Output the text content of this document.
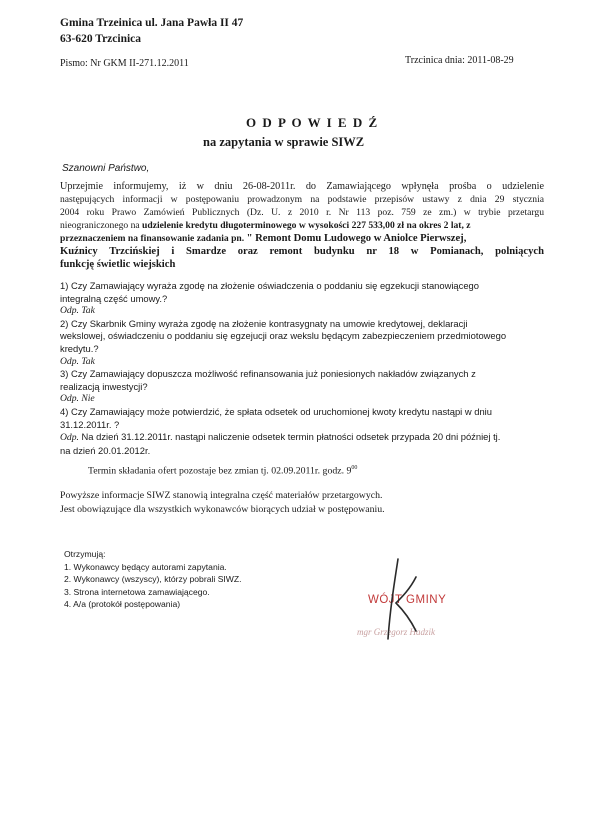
Gmina Trzeinica ul. Jana Pawła II 47
63-620 Trzcinica
Pismo: Nr GKM II-271.12.2011	Trzcinica dnia: 2011-08-29
O D P O W I E D Ź
na zapytania w sprawie SIWZ
Szanowni Państwo,
Uprzejmie informujemy, iż w dniu 26-08-2011r. do Zamawiającego wpłynęła prośba o udzielenie
następujących informacji w postępowaniu prowadzonym na podstawie przepisów ustawy z dnia 29 stycznia
2004 roku Prawo Zamówień Publicznych (Dz. U. z 2010 r. Nr 113 poz. 759 ze zm.) w trybie przetargu
nieograniczonego na udzielenie kredytu długoterminowego w wysokości 227 533,00 zł na okres 2 lat, z
przeznaczeniem na finansowanie zadania pn. " Remont Domu Ludowego w Aniolce Pierwszej,
Kuźnicy Trzcińskiej i Smardze oraz remont budynku nr 18 w Pomianach, polniących
funkcję świetlic wiejskich
1) Czy Zamawiający wyraża zgodę na złożenie oświadczenia o poddaniu się egzekucji stanowiącego
integralną część umowy.?
Odp. Tak
2) Czy Skarbnik Gminy wyraża zgodę na złożenie kontrasygnaty na umowie kredytowej, deklaracji
wekslowej, oświadczeniu o poddaniu się egzejucji oraz wekslu będącym zabezpieczeniem przedmiotowego
kredytu.?
Odp. Tak
3) Czy Zamawiający dopuszcza możliwość refinansowania już poniesionych nakładów związanych z
realizacją inwestycji?
Odp. Nie
4) Czy Zamawiający może potwierdzić, że spłata odsetek od uruchomionej kwoty kredytu nastąpi w dniu
31.12.2011r. ?
Odp. Na dzień 31.12.2011r. nastąpi naliczenie odsetek termin płatności odsetek przypada 20 dni później tj.
na dzień 20.01.2012r.
Termin składania ofert pozostaje bez zmian tj. 02.09.2011r. godz. $9^{00}$
Powyższe informacje SIWZ stanowią integralna część materiałów przetargowych.
Jest obowiązujące dla wszystkich wykonawców biorących udział w postępowaniu.
Otrzymują:
1. Wykonawcy będący autorami zapytania.
2. Wykonawcy (wszyscy), którzy pobrali SIWZ.
3. Strona internetowa zamawiającego.
4. A/a (protokół postępowania)	WÓJT GMINY
mgr Grzegorz Hadzik
